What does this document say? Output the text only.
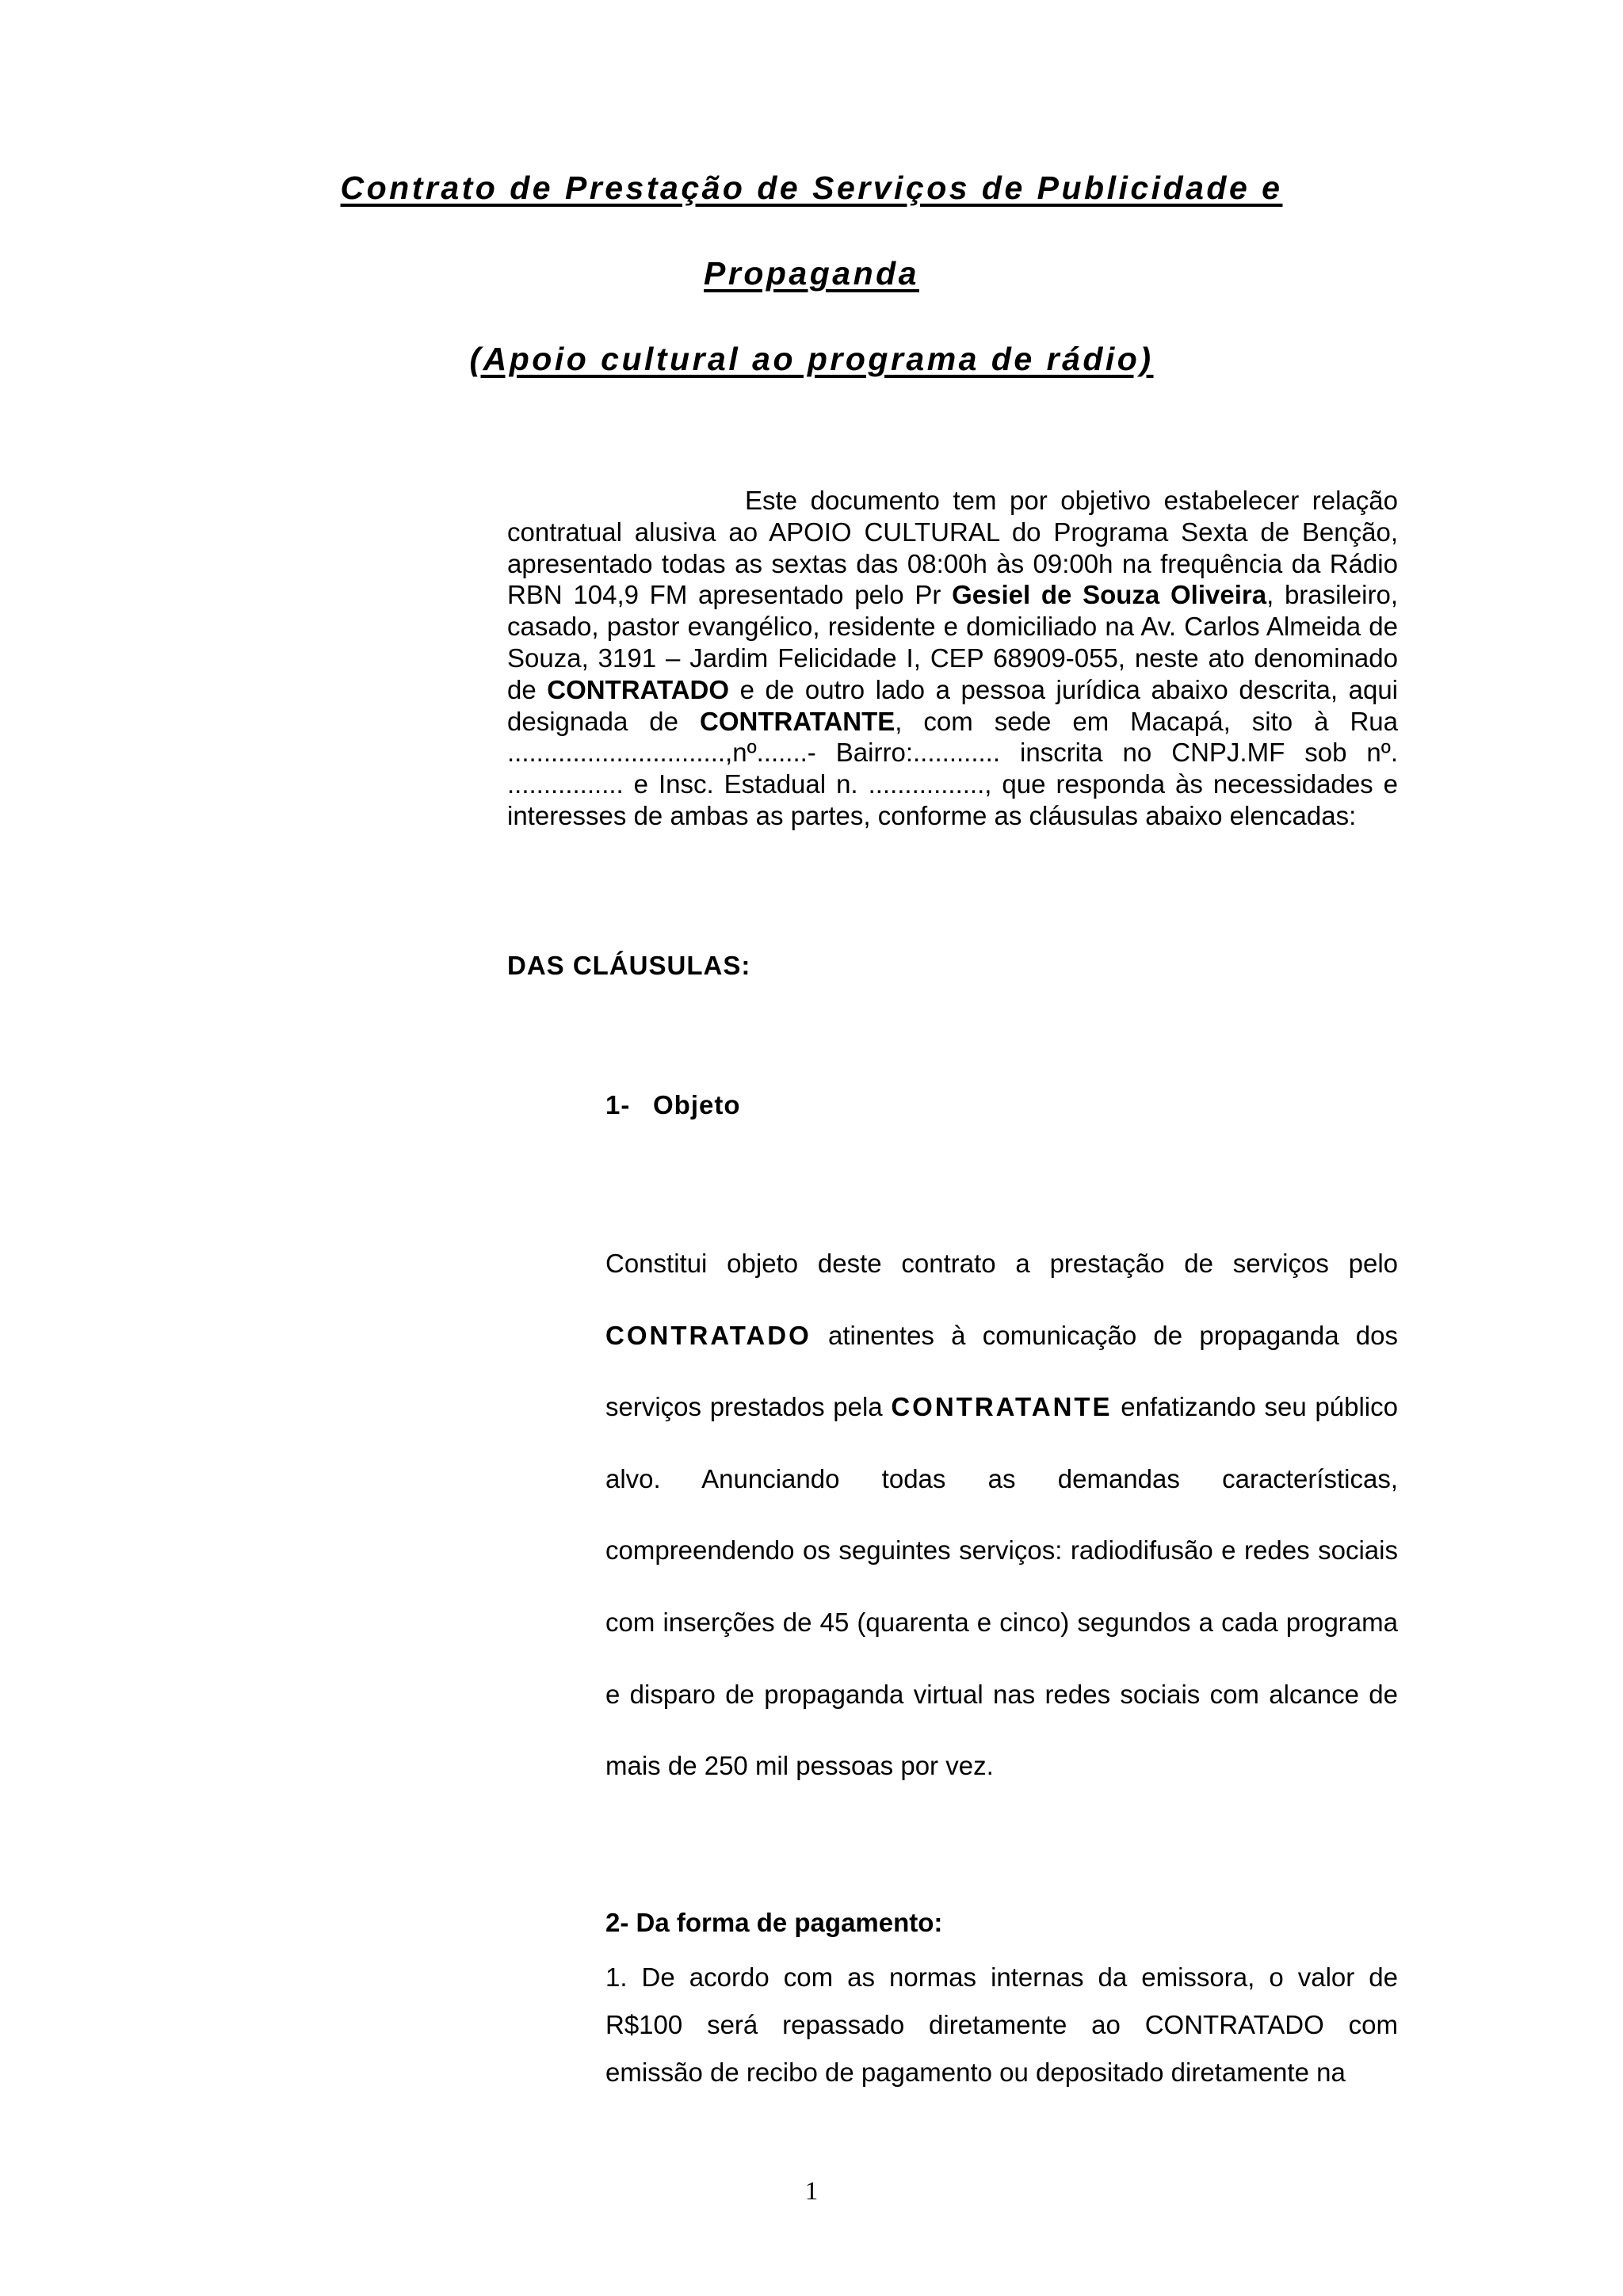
Contrato de Prestação de Serviços de Publicidade e
Propaganda
(Apoio cultural ao programa de rádio)

Este documento tem por objetivo estabelecer relação contratual alusiva ao APOIO CULTURAL do Programa Sexta de Benção, apresentado todas as sextas das 08:00h às 09:00h na frequência da Rádio RBN 104,9 FM apresentado pelo Pr Gesiel de Souza Oliveira, brasileiro, casado, pastor evangélico, residente e domiciliado na Av. Carlos Almeida de Souza, 3191 – Jardim Felicidade I, CEP 68909-055, neste ato denominado de CONTRATADO e de outro lado a pessoa jurídica abaixo descrita, aqui designada de CONTRATANTE, com sede em Macapá, sito à Rua ..............................,nº.......- Bairro:............ inscrita no CNPJ.MF sob nº. ................ e Insc. Estadual n. ................, que responda às necessidades e interesses de ambas as partes, conforme as cláusulas abaixo elencadas:

DAS CLÁUSULAS:
1- Objeto

Constitui objeto deste contrato a prestação de serviços pelo CONTRATADO atinentes à comunicação de propaganda dos serviços prestados pela CONTRATANTE enfatizando seu público alvo. Anunciando todas as demandas características, compreendendo os seguintes serviços: radiodifusão e redes sociais com inserções de 45 (quarenta e cinco) segundos a cada programa e disparo de propaganda virtual nas redes sociais com alcance de mais de 250 mil pessoas por vez.

2- Da forma de pagamento:

1. De acordo com as normas internas da emissora, o valor de R$100 será repassado diretamente ao CONTRATADO com emissão de recibo de pagamento ou depositado diretamente na

1
